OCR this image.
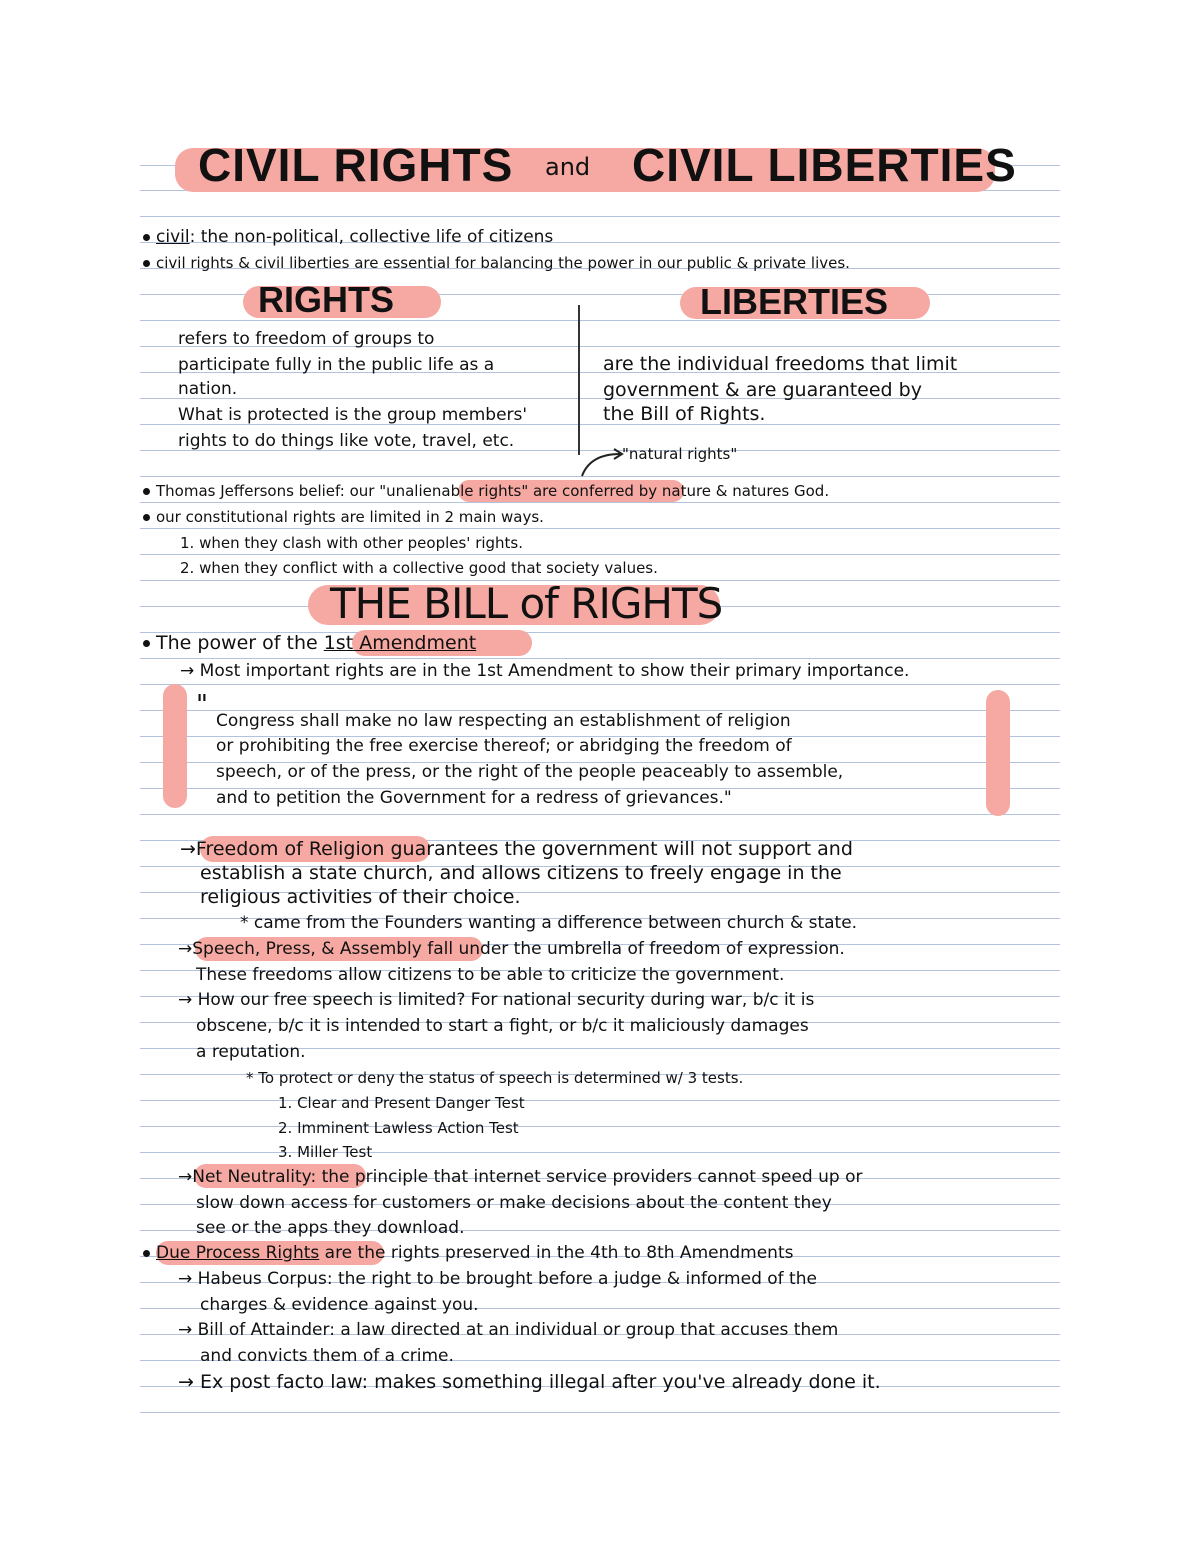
CIVIL RIGHTS and CIVIL LIBERTIES
civil: the non-political, collective life of citizens
civil rights & civil liberties are essential for balancing the power in our public & private lives.
RIGHTS	LIBERTIES
refers to freedom of groups to
participate fully in the public life as a
nation.
What is protected is the group members'
rights to do things like vote, travel, etc.
are the individual freedoms that limit
government & are guaranteed by
the Bill of Rights.
"natural rights"
Thomas Jeffersons belief: our "unalienable rights" are conferred by nature & natures God.
our constitutional rights are limited in 2 main ways.
1. when they clash with other peoples' rights.
2. when they conflict with a collective good that society values.
THE BILL of RIGHTS
The power of the 1st Amendment
→ Most important rights are in the 1st Amendment to show their primary importance.
"
Congress shall make no law respecting an establishment of religion
or prohibiting the free exercise thereof; or abridging the freedom of
speech, or of the press, or the right of the people peaceably to assemble,
and to petition the Government for a redress of grievances."
→Freedom of Religion guarantees the government will not support and
establish a state church, and allows citizens to freely engage in the
religious activities of their choice.
* came from the Founders wanting a difference between church & state.
→Speech, Press, & Assembly fall under the umbrella of freedom of expression.
These freedoms allow citizens to be able to criticize the government.
→ How our free speech is limited? For national security during war, b/c it is
obscene, b/c it is intended to start a fight, or b/c it maliciously damages
a reputation.
* To protect or deny the status of speech is determined w/ 3 tests.
1. Clear and Present Danger Test
2. Imminent Lawless Action Test
3. Miller Test
→Net Neutrality: the principle that internet service providers cannot speed up or
slow down access for customers or make decisions about the content they
see or the apps they download.
Due Process Rights are the rights preserved in the 4th to 8th Amendments
→ Habeus Corpus: the right to be brought before a judge & informed of the
charges & evidence against you.
→ Bill of Attainder: a law directed at an individual or group that accuses them
and convicts them of a crime.
→ Ex post facto law: makes something illegal after you've already done it.
